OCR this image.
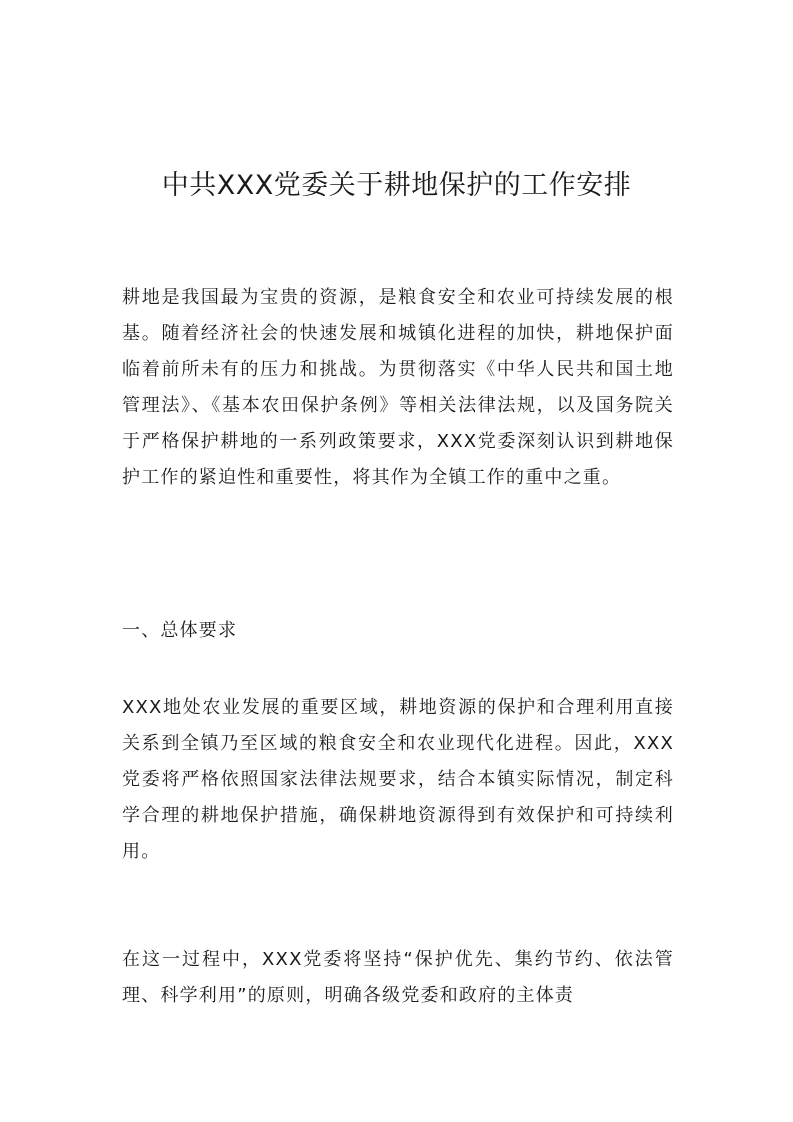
中共XXX党委关于耕地保护的工作安排

耕地是我国最为宝贵的资源，是粮食安全和农业可持续发展的根基。随着经济社会的快速发展和城镇化进程的加快，耕地保护面临着前所未有的压力和挑战。为贯彻落实《中华人民共和国土地管理法》、《基本农田保护条例》等相关法律法规，以及国务院关于严格保护耕地的一系列政策要求，XXX党委深刻认识到耕地保护工作的紧迫性和重要性，将其作为全镇工作的重中之重。

一、总体要求

XXX地处农业发展的重要区域，耕地资源的保护和合理利用直接关系到全镇乃至区域的粮食安全和农业现代化进程。因此，XXX党委将严格依照国家法律法规要求，结合本镇实际情况，制定科学合理的耕地保护措施，确保耕地资源得到有效保护和可持续利用。

在这一过程中，XXX党委将坚持“保护优先、集约节约、依法管理、科学利用”的原则，明确各级党委和政府的主体责
